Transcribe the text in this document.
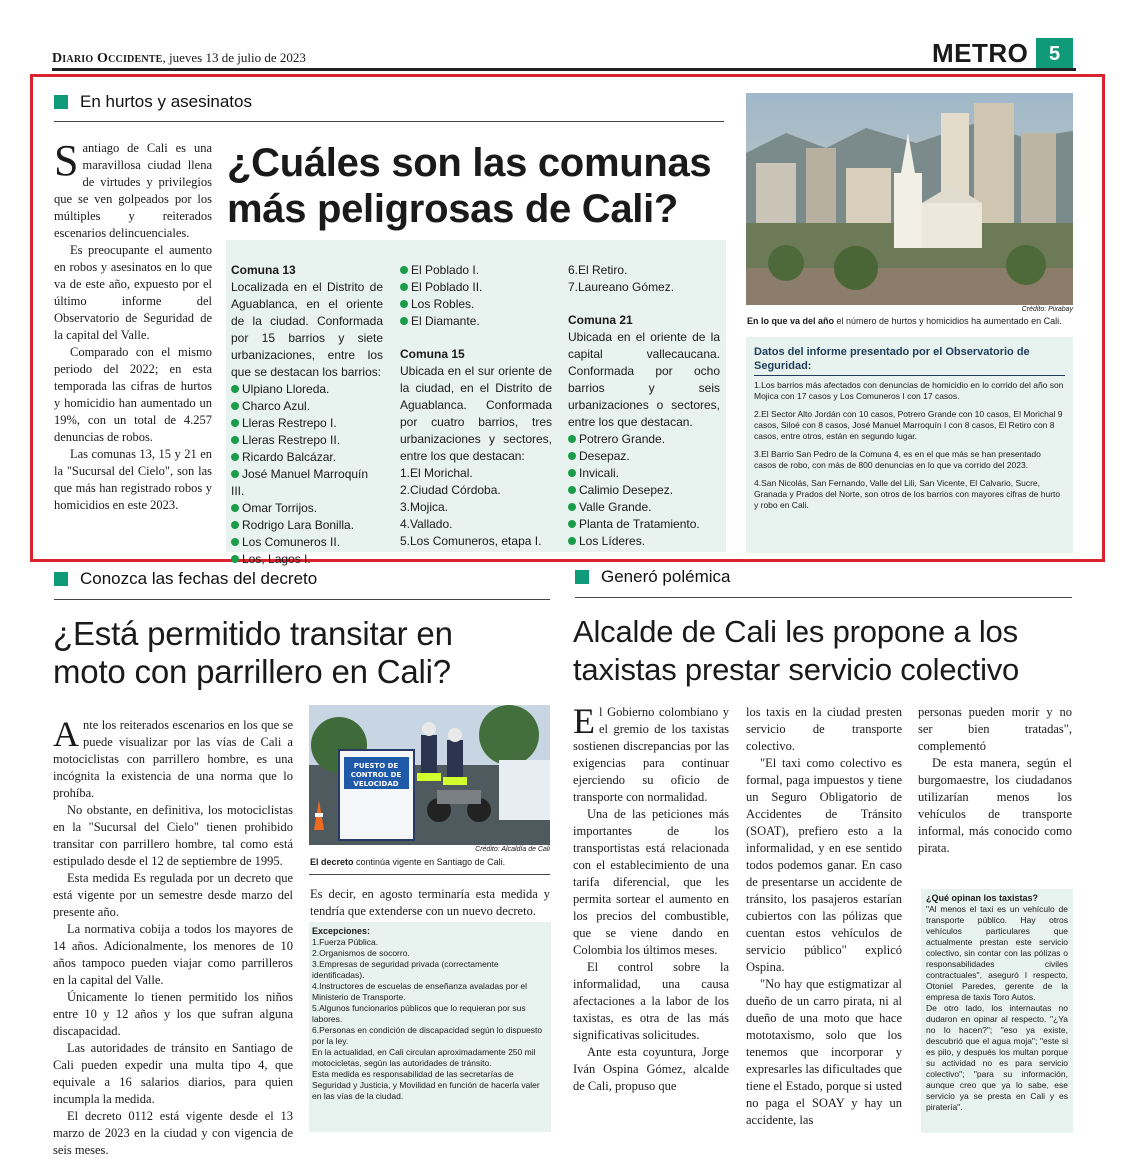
Diario Occidente, jueves 13 de julio de 2023	METRO	5
En hurtos y asesinatos

Santiago de Cali es una maravillosa ciudad llena de virtudes y privilegios que se ven golpeados por los múltiples y reiterados escenarios delincuenciales.

Es preocupante el aumento en robos y asesinatos en lo que va de este año, expuesto por el último informe del Observatorio de Seguridad de la capital del Valle.

Comparado con el mismo periodo del 2022; en esta temporada las cifras de hurtos y homicidio han aumentado un 19%, con un total de 4.257 denuncias de robos.

Las comunas 13, 15 y 21 en la "Sucursal del Cielo", son las que más han registrado robos y homicidios en este 2023.

¿Cuáles son las comunas
más peligrosas de Cali?
Comuna 13

Localizada en el Distrito de Aguablanca, en el oriente de la ciudad. Conformada por 15 barrios y siete urbanizaciones, entre los que se destacan los barrios:

Ulpiano Lloreda.
Charco Azul.
Lleras Restrepo I.
Lleras Restrepo II.
Ricardo Balcázar.
José Manuel Marroquín III.
Omar Torrijos.
Rodrigo Lara Bonilla.
Los Comuneros II.
Los, Lagos I.
El Poblado I.
El Poblado II.
Los Robles.
El Diamante.
Comuna 15

Ubicada en el sur oriente de la ciudad, en el Distrito de Aguablanca. Conformada por cuatro barrios, tres urbanizaciones y sectores, entre los que destacan:

1.El Morichal.
2.Ciudad Córdoba.
3.Mojica.
4.Vallado.
5.Los Comuneros, etapa I.
6.El Retiro.
7.Laureano Gómez.
Comuna 21

Ubicada en el oriente de la capital vallecaucana. Conformada por ocho barrios y seis urbanizaciones o sectores, entre los que destacan.

Potrero Grande.
Desepaz.
Invicali.
Calimio Desepez.
Valle Grande.
Planta de Tratamiento.
Los Líderes.
Crédito: Pixabay
En lo que va del año el número de hurtos y homicidios ha aumentado en Cali.
Datos del informe presentado por el Observatorio de Seguridad:

1.Los barrios más afectados con denuncias de homicidio en lo corrido del año son Mojica con 17 casos y Los Comuneros I con 17 casos.

2.El Sector Alto Jordán con 10 casos, Potrero Grande con 10 casos, El Morichal 9 casos, Siloé con 8 casos, José Manuel Marroquín I con 8 casos, El Retiro con 8 casos, entre otros, están en segundo lugar.

3.El Barrio San Pedro de la Comuna 4, es en el que más se han presentado casos de robo, con más de 800 denuncias en lo que va corrido del 2023.

4.San Nicolás, San Fernando, Valle del Lili, San Vicente, El Calvario, Sucre, Granada y Prados del Norte, son otros de los barrios con mayores cifras de hurto y robo en Cali.

Conozca las fechas del decreto
¿Está permitido transitar en
moto con parrillero en Cali?

Ante los reiterados escenarios en los que se puede visualizar por las vías de Cali a motociclistas con parrillero hombre, es una incógnita la existencia de una norma que lo prohíba.

No obstante, en definitiva, los motociclistas en la "Sucursal del Cielo" tienen prohibido transitar con parrillero hombre, tal como está estipulado desde el 12 de septiembre de 1995.

Esta medida Es regulada por un decreto que está vigente por un semestre desde marzo del presente año.

La normativa cobija a todos los mayores de 14 años. Adicionalmente, los menores de 10 años tampoco pueden viajar como parrilleros en la capital del Valle.

Únicamente lo tienen permitido los niños entre 10 y 12 años y los que sufran alguna discapacidad.

Las autoridades de tránsito en Santiago de Cali pueden expedir una multa tipo 4, que equivale a 16 salarios diarios, para quien incumpla la medida.

El decreto 0112 está vigente desde el 13 marzo de 2023 en la ciudad y con vigencia de seis meses.

PUESTO DE
CONTROL DE
VELOCIDAD
Crédito: Alcaldía de Cali
El decreto continúa vigente en Santiago de Cali.

Es decir, en agosto terminaría esta medida y tendría que extenderse con un nuevo decreto.

Excepciones:
1.Fuerza Pública.
2.Organismos de socorro.
3.Empresas de seguridad privada (correctamente identificadas).
4.Instructores de escuelas de enseñanza avaladas por el Ministerio de Transporte.
5.Algunos funcionarios públicos que lo requieran por sus labores.
6.Personas en condición de discapacidad según lo dispuesto por la ley.
En la actualidad, en Cali circulan aproximadamente 250 mil motocicletas, según las autoridades de tránsito.
Esta medida es responsabilidad de las secretarías de Seguridad y Justicia, y Movilidad en función de hacerla valer en las vías de la ciudad.
Generó polémica
Alcalde de Cali les propone a los
taxistas prestar servicio colectivo

El Gobierno colombiano y el gremio de los taxistas sostienen discrepancias por las exigencias para continuar ejerciendo su oficio de transporte con normalidad.

Una de las peticiones más importantes de los transportistas está relacionada con el establecimiento de una tarifa diferencial, que les permita sortear el aumento en los precios del combustible, que se viene dando en Colombia los últimos meses.

El control sobre la informalidad, una causa afectaciones a la labor de los taxistas, es otra de las más significativas solicitudes.

Ante esta coyuntura, Jorge Iván Ospina Gómez, alcalde de Cali, propuso que

los taxis en la ciudad presten servicio de transporte colectivo.

"El taxi como colectivo es formal, paga impuestos y tiene un Seguro Obligatorio de Accidentes de Tránsito (SOAT), prefiero esto a la informalidad, y en ese sentido todos podemos ganar. En caso de presentarse un accidente de tránsito, los pasajeros estarían cubiertos con las pólizas que cuentan estos vehículos de servicio público" explicó Ospina.

"No hay que estigmatizar al dueño de un carro pirata, ni al dueño de una moto que hace mototaxismo, solo que los tenemos que incorporar y expresarles las dificultades que tiene el Estado, porque si usted no paga el SOAY y hay un accidente, las

personas pueden morir y no ser bien tratadas", complementó

De esta manera, según el burgomaestre, los ciudadanos utilizarían menos los vehículos de transporte informal, más conocido como pirata.

¿Qué opinan los taxistas?

"Al menos el taxi es un vehículo de transporte público. Hay otros vehículos particulares que actualmente prestan este servicio colectivo, sin contar con las pólizas o responsabilidades civiles contractuales", aseguró l respecto, Otoniel Paredes, gerente de la empresa de taxis Toro Autos.

De otro lado, los internautas no dudaron en opinar al respecto. "¿Ya no lo hacen?"; "eso ya existe, descubrió que el agua moja"; "este si es pilo, y después los multan porque su actividad no es para servicio colectivo"; "para su información, aunque creo que ya lo sabe, ese servicio ya se presta en Cali y es piratería".
